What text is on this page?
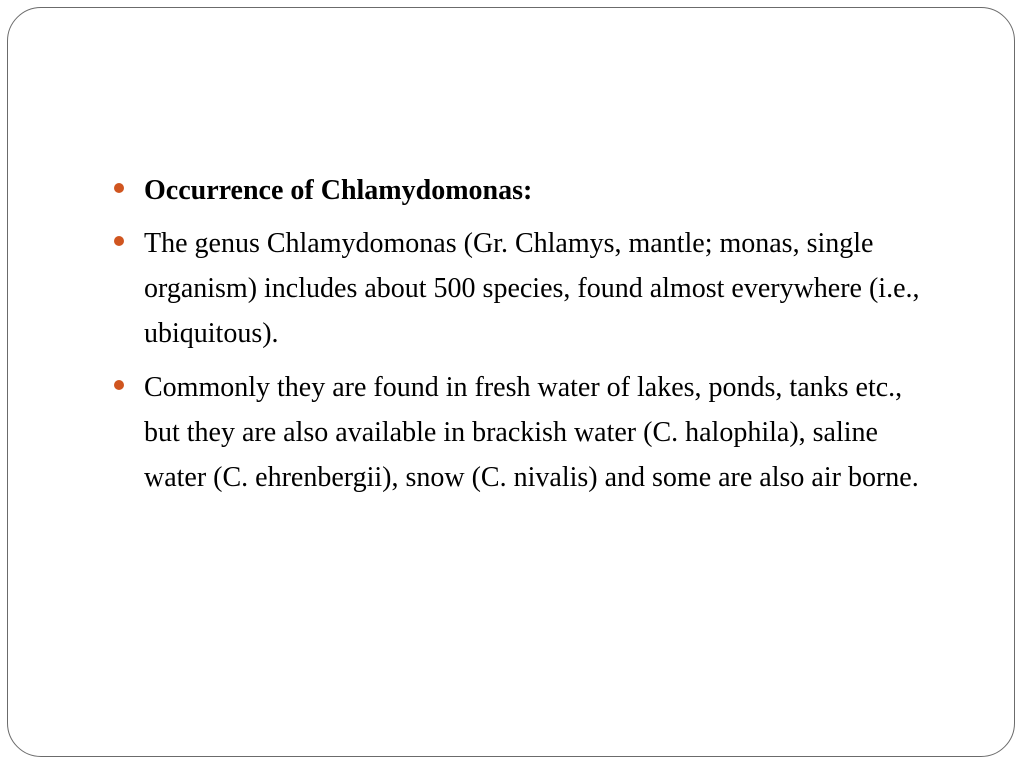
Occurrence of Chlamydomonas:
The genus Chlamydomonas (Gr. Chlamys, mantle; monas, single organism) includes about 500 species, found almost everywhere (i.e., ubiquitous).
Commonly they are found in fresh water of lakes, ponds, tanks etc., but they are also available in brackish water (C. halophila), saline water (C. ehrenbergii), snow (C. nivalis) and some are also air borne.
